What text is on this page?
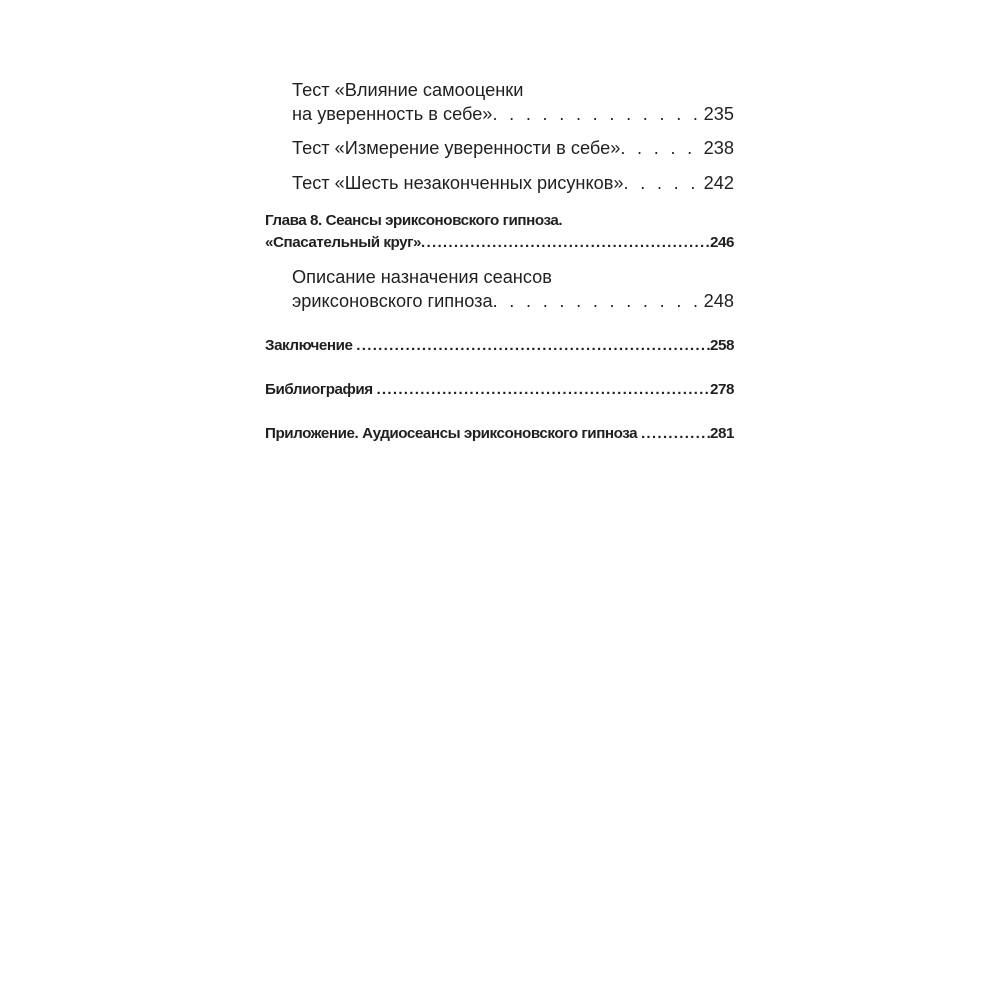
Тест «Влияние самооценки
на уверенность в себе» . . .	235
Тест «Измерение уверенности в себе» . . .	238
Тест «Шесть незаконченных рисунков» . . .	242
Глава 8. Сеансы эриксоновского гипноза.
«Спасательный круг» .....	246
Описание назначения сеансов
эриксоновского гипноза . . .	248
Заключение .....	258
Библиография .....	278
Приложение. Аудиосеансы эриксоновского гипноза .....	281
